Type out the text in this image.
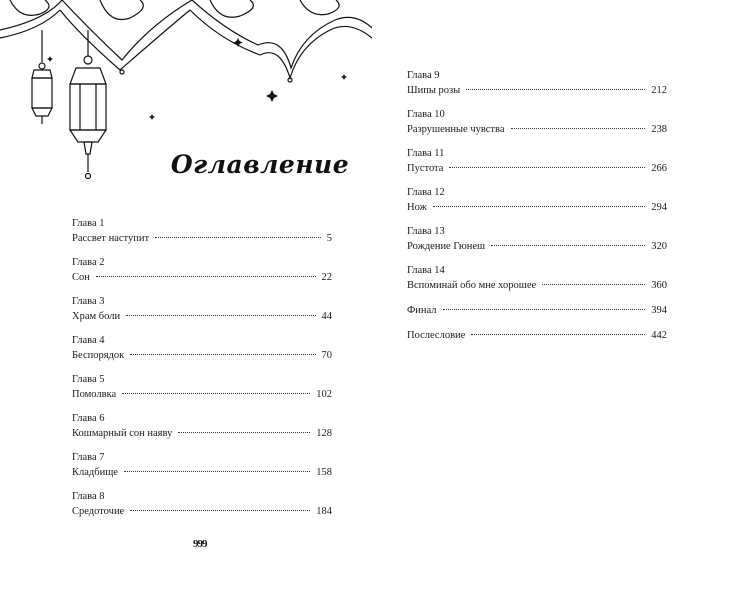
Оглавление
Глава 1
Рассвет наступит	5
Глава 2
Сон	22
Глава 3
Храм боли	44
Глава 4
Беспорядок	70
Глава 5
Помолвка	102
Глава 6
Кошмарный сон наяву	128
Глава 7
Кладбище	158
Глава 8
Средоточие	184
999
Глава 9
Шипы розы	212
Глава 10
Разрушенные чувства	238
Глава 11
Пустота	266
Глава 12
Нож	294
Глава 13
Рождение Гюнеш	320
Глава 14
Вспоминай обо мне хорошее	360
Финал	394
Послесловие	442
